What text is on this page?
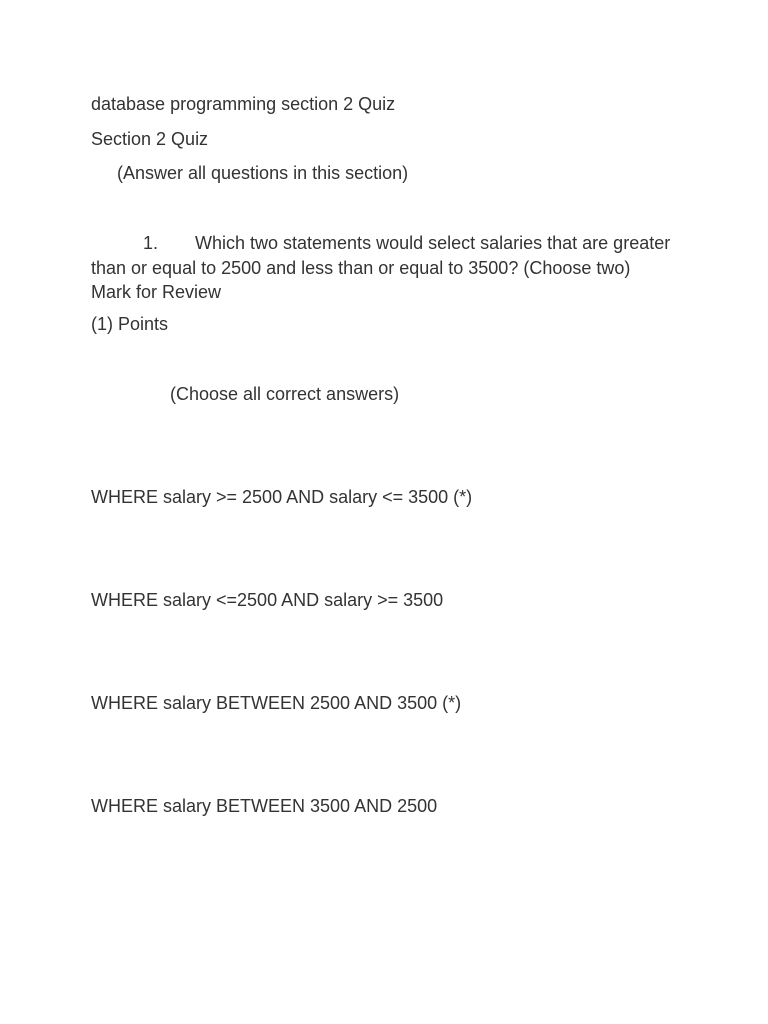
database programming section 2 Quiz
Section 2 Quiz
(Answer all questions in this section)
1. Which two statements would select salaries that are greater than or equal to 2500 and less than or equal to 3500? (Choose two)Mark for Review
(1) Points
(Choose all correct answers)
WHERE salary >= 2500 AND salary <= 3500 (*)
WHERE salary <=2500 AND salary >= 3500
WHERE salary BETWEEN 2500 AND 3500 (*)
WHERE salary BETWEEN 3500 AND 2500
